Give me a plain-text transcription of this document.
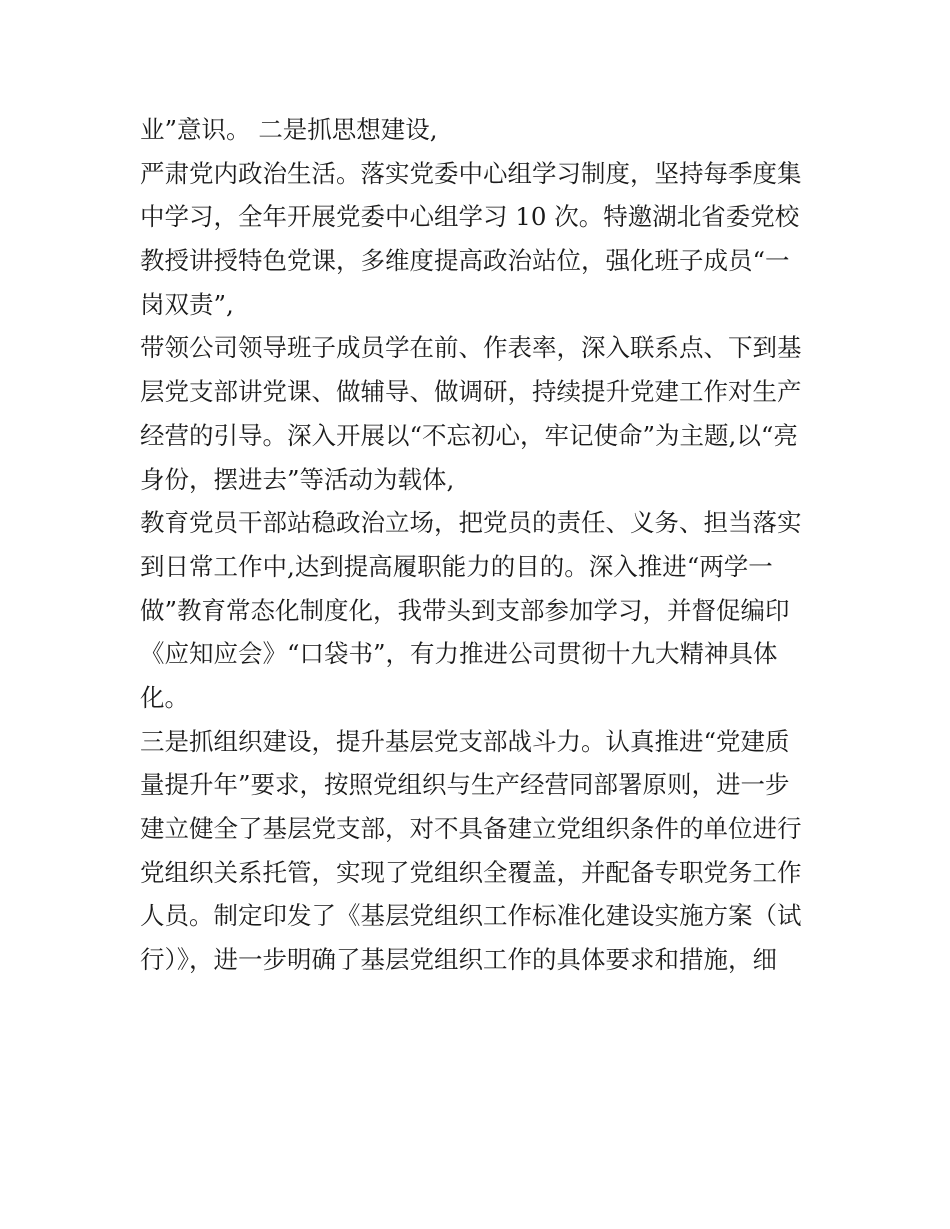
业”意识。 二是抓思想建设,

严肃党内政治生活。落实党委中心组学习制度，坚持每季度集

中学习，全年开展党委中心组学习 10 次。特邀湖北省委党校

教授讲授特色党课，多维度提高政治站位，强化班子成员“一

岗双责”,

带领公司领导班子成员学在前、作表率，深入联系点、下到基

层党支部讲党课、做辅导、做调研，持续提升党建工作对生产

经营的引导。深入开展以“不忘初心，牢记使命”为主题,以“亮

身份，摆进去”等活动为载体,

教育党员干部站稳政治立场，把党员的责任、义务、担当落实

到日常工作中,达到提高履职能力的目的。深入推进“两学一

做”教育常态化制度化，我带头到支部参加学习，并督促编印

《应知应会》“口袋书”，有力推进公司贯彻十九大精神具体

化。

三是抓组织建设，提升基层党支部战斗力。认真推进“党建质

量提升年”要求，按照党组织与生产经营同部署原则，进一步

建立健全了基层党支部，对不具备建立党组织条件的单位进行

党组织关系托管，实现了党组织全覆盖，并配备专职党务工作

人员。制定印发了《基层党组织工作标准化建设实施方案（试

行）》，进一步明确了基层党组织工作的具体要求和措施，细
